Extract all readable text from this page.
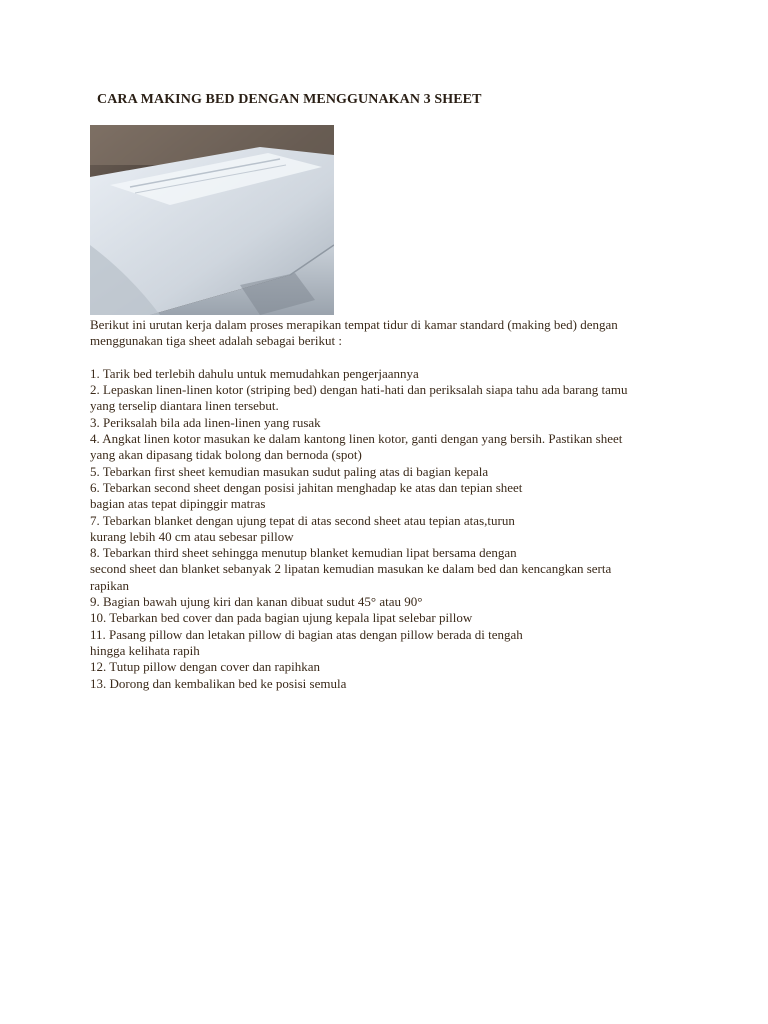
CARA MAKING BED DENGAN MENGGUNAKAN 3 SHEET
Berikut ini urutan kerja dalam proses merapikan tempat tidur di kamar standard (making bed) dengan
menggunakan tiga sheet adalah sebagai berikut :
1. Tarik bed terlebih dahulu untuk memudahkan pengerjaannya
2. Lepaskan linen-linen kotor (striping bed) dengan hati-hati dan periksalah siapa tahu ada barang tamu
yang terselip diantara linen tersebut.
3. Periksalah bila ada linen-linen yang rusak
4. Angkat linen kotor masukan ke dalam kantong linen kotor, ganti dengan yang bersih. Pastikan sheet
yang akan dipasang tidak bolong dan bernoda (spot)
5. Tebarkan first sheet kemudian masukan sudut paling atas di bagian kepala
6. Tebarkan second sheet dengan posisi jahitan menghadap ke atas dan tepian sheet
bagian atas tepat dipinggir matras
7. Tebarkan blanket dengan ujung tepat di atas second sheet atau tepian atas,turun
kurang lebih 40 cm atau sebesar pillow
8. Tebarkan third sheet sehingga menutup blanket kemudian lipat bersama dengan
second sheet dan blanket sebanyak 2 lipatan kemudian masukan ke dalam bed dan kencangkan serta
rapikan
9. Bagian bawah ujung kiri dan kanan dibuat sudut 45° atau 90°
10. Tebarkan bed cover dan pada bagian ujung kepala lipat selebar pillow
11. Pasang pillow dan letakan pillow di bagian atas dengan pillow berada di tengah
hingga kelihata rapih
12. Tutup pillow dengan cover dan rapihkan
13. Dorong dan kembalikan bed ke posisi semula
